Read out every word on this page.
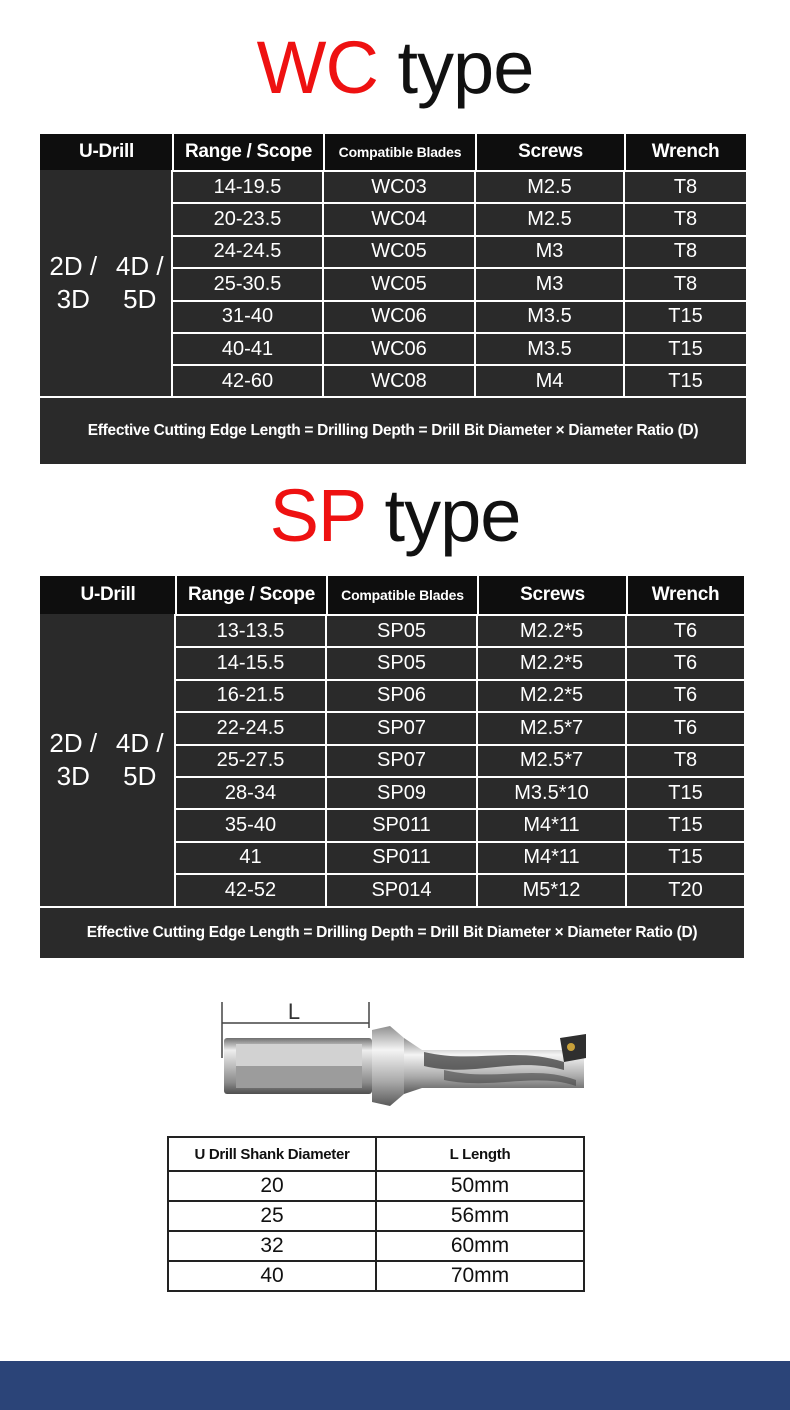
WC type
U-Drill	Range / Scope	Compatible Blades	Screws	Wrench
2D / 3D

4D / 5D
14-19.5	WC03	M2.5	T8
20-23.5	WC04	M2.5	T8
24-24.5	WC05	M3	T8
25-30.5	WC05	M3	T8
31-40	WC06	M3.5	T15
40-41	WC06	M3.5	T15
42-60	WC08	M4	T15
Effective Cutting Edge Length = Drilling Depth = Drill Bit Diameter × Diameter Ratio (D)
SP type
U-Drill	Range / Scope	Compatible Blades	Screws	Wrench
2D / 3D

4D / 5D
13-13.5	SP05	M2.2*5	T6
14-15.5	SP05	M2.2*5	T6
16-21.5	SP06	M2.2*5	T6
22-24.5	SP07	M2.5*7	T6
25-27.5	SP07	M2.5*7	T8
28-34	SP09	M3.5*10	T15
35-40	SP011	M4*11	T15
41	SP011	M4*11	T15
42-52	SP014	M5*12	T20
Effective Cutting Edge Length = Drilling Depth = Drill Bit Diameter × Diameter Ratio (D)
L
U Drill Shank Diameter	L Length
20	50mm
25	56mm
32	60mm
40	70mm
